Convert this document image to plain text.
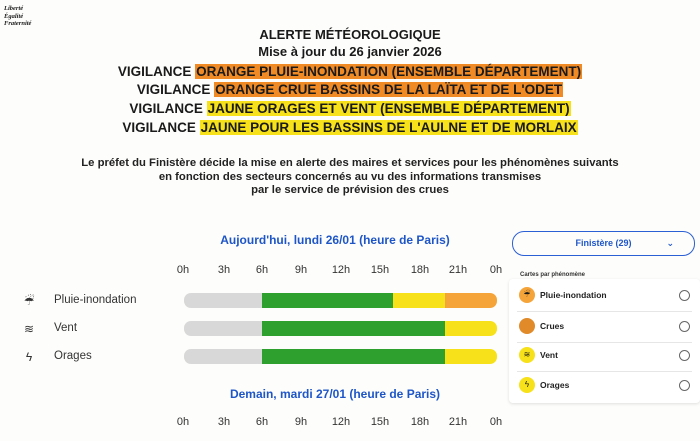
Liberté
Égalité
Fraternité
ALERTE MÉTÉOROLOGIQUE
Mise à jour du 26 janvier 2026
VIGILANCE ORANGE PLUIE-INONDATION (ENSEMBLE DÉPARTEMENT)
VIGILANCE ORANGE CRUE BASSINS DE LA LAÏTA ET DE L'ODET
VIGILANCE JAUNE ORAGES ET VENT (ENSEMBLE DÉPARTEMENT)
VIGILANCE JAUNE POUR LES BASSINS DE L'AULNE ET DE MORLAIX
Le préfet du Finistère décide la mise en alerte des maires et services pour les phénomènes suivants
en fonction des secteurs concernés au vu des informations transmises
par le service de prévision des crues
Aujourd'hui, lundi 26/01 (heure de Paris)
0h	3h	6h	9h	12h	15h	18h	21h	0h
☔	Pluie-inondation
≋	Vent
ϟ	Orages
Demain, mardi 27/01 (heure de Paris)
0h	3h	6h	9h	12h	15h	18h	21h	0h
Finistère (29)	⌄
Cartes par phénomène
☔	Pluie-inondation
Crues
≋	Vent
ϟ	Orages
